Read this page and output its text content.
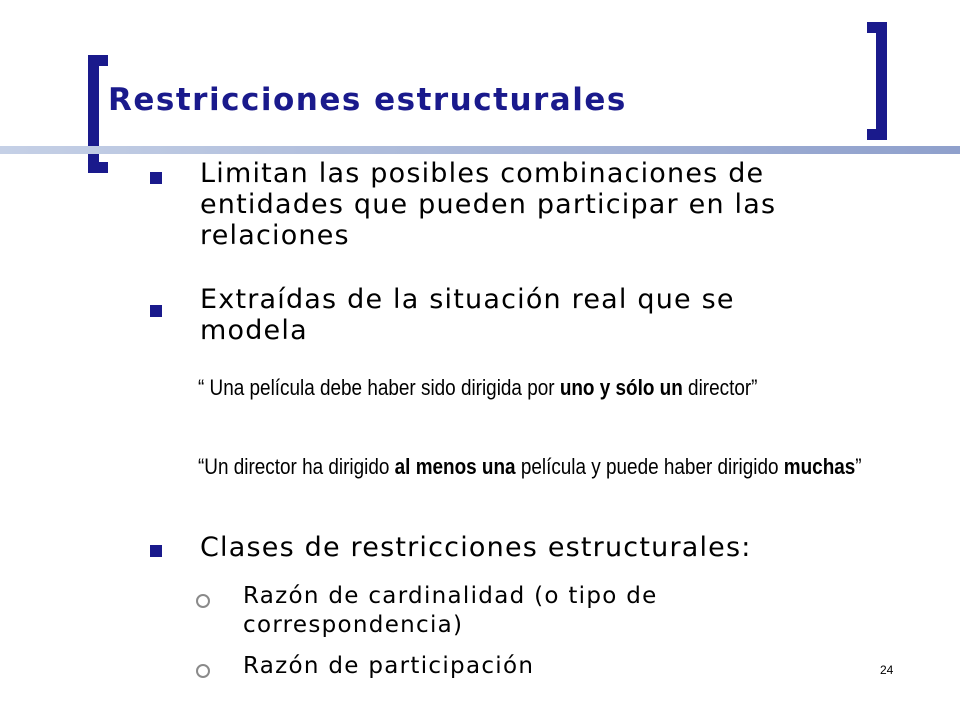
Restricciones estructurales

Limitan las posibles combinaciones de entidades que pueden participar en las relaciones

Extraídas de la situación real que se modela

“ Una película debe haber sido dirigida por uno y sólo un director”

“Un director ha dirigido al menos una película y puede haber dirigido muchas”

Clases de restricciones estructurales:

Razón de cardinalidad (o tipo de correspondencia)

Razón de participación	24
